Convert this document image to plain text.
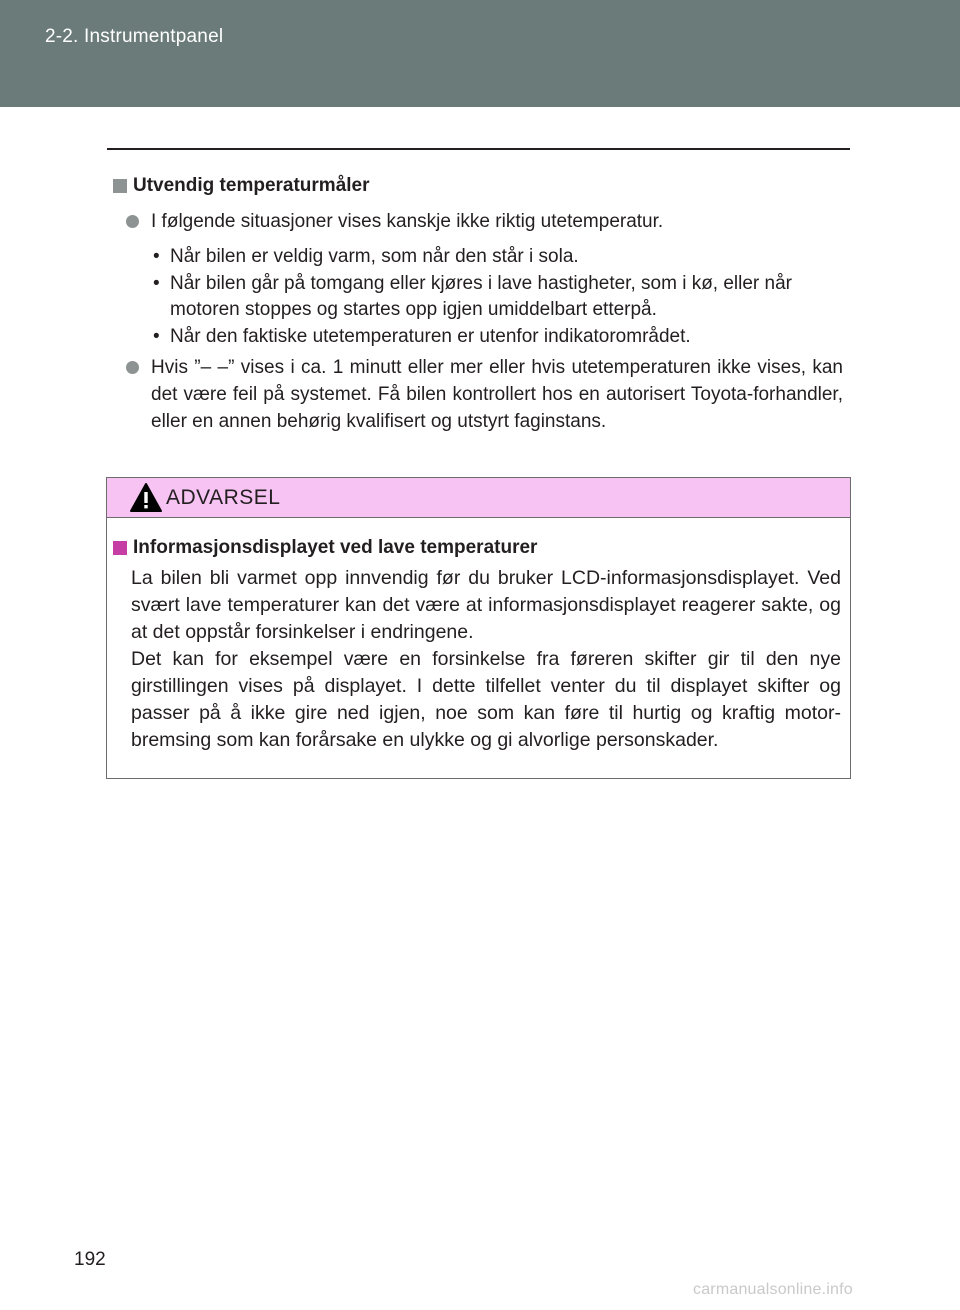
2-2. Instrumentpanel
Utvendig temperaturmåler
I følgende situasjoner vises kanskje ikke riktig utetemperatur.
• Når bilen er veldig varm, som når den står i sola.
• Når bilen går på tomgang eller kjøres i lave hastigheter, som i kø, eller når motoren stoppes og startes opp igjen umiddelbart etterpå.
• Når den faktiske utetemperaturen er utenfor indikatorområdet.
Hvis ”– –” vises i ca. 1 minutt eller mer eller hvis utetemperaturen ikke vises, kan det være feil på systemet. Få bilen kontrollert hos en autorisert Toyota-forhandler, eller en annen behørig kvalifisert og utstyrt faginstans.
ADVARSEL
Informasjonsdisplayet ved lave temperaturer

La bilen bli varmet opp innvendig før du bruker LCD-informasjonsdisplayet. Ved svært lave temperaturer kan det være at informasjonsdisplayet reagerer sakte, og at det oppstår forsinkelser i endringene.

Det kan for eksempel være en forsinkelse fra føreren skifter gir til den nye girstillingen vises på displayet. I dette tilfellet venter du til displayet skifter og passer på å ikke gire ned igjen, noe som kan føre til hurtig og kraftig motor-bremsing som kan forårsake en ulykke og gi alvorlige personskader.

192
carmanualsonline.info
